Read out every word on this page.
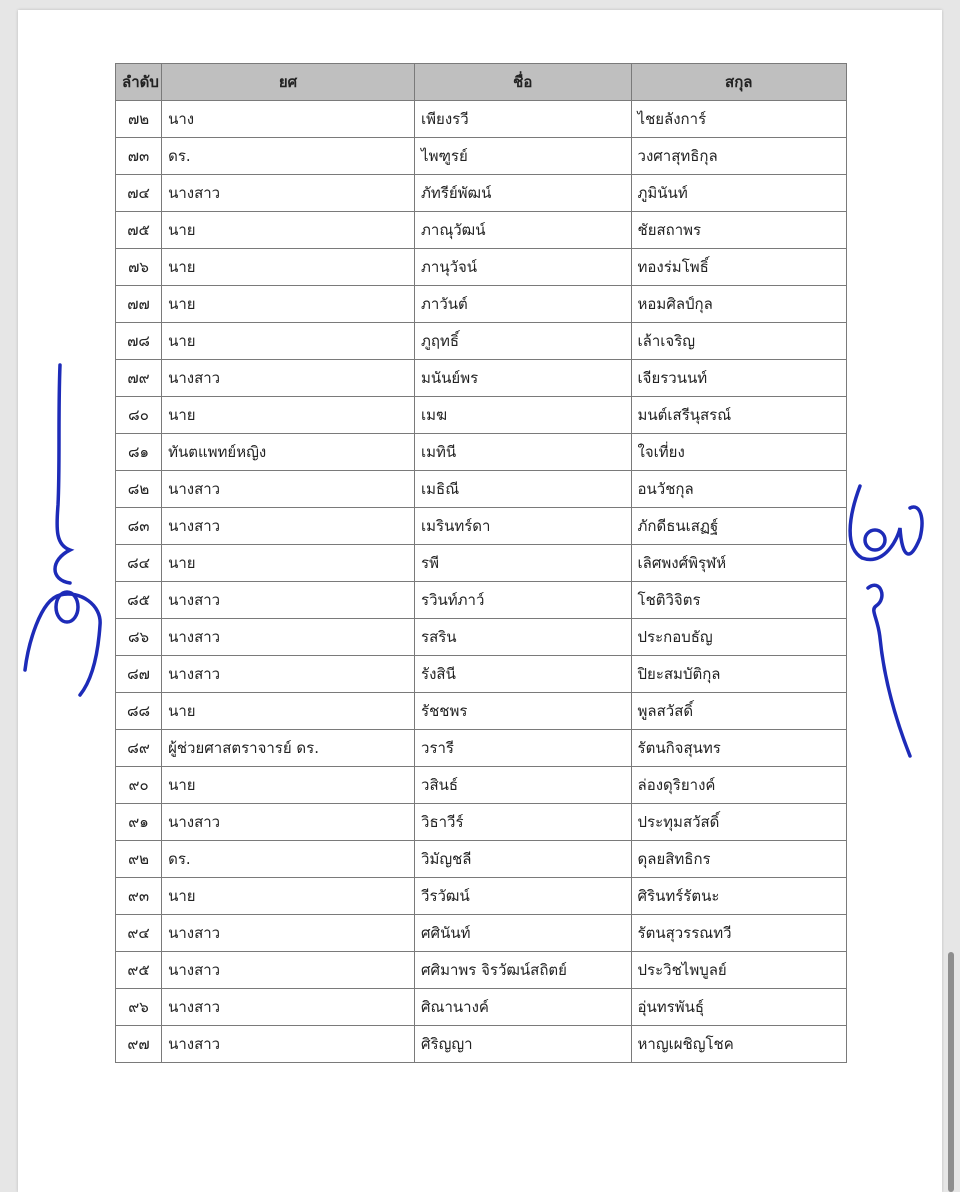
ลำดับ	ยศ	ชื่อ	สกุล
๗๒	นาง	เพียงรวี	ไชยลังการ์
๗๓	ดร.	ไพฑูรย์	วงศาสุทธิกุล
๗๔	นางสาว	ภัทรีย์พัฒน์	ภูมินันท์
๗๕	นาย	ภาณุวัฒน์	ชัยสถาพร
๗๖	นาย	ภานุวัจน์	ทองร่มโพธิ์
๗๗	นาย	ภาวันต์	หอมศิลป์กุล
๗๘	นาย	ภูฤทธิ์	เล้าเจริญ
๗๙	นางสาว	มนันย์พร	เจียรวนนท์
๘๐	นาย	เมฆ	มนต์เสรีนุสรณ์
๘๑	ทันตแพทย์หญิง	เมทินี	ใจเที่ยง
๘๒	นางสาว	เมธิณี	อนวัชกุล
๘๓	นางสาว	เมรินทร์ดา	ภักดีธนเสฏฐ์
๘๔	นาย	รพี	เลิศพงศ์พิรุฬห์
๘๕	นางสาว	รวินท์ภาว์	โชติวิจิตร
๘๖	นางสาว	รสริน	ประกอบธัญ
๘๗	นางสาว	รังสินี	ปิยะสมบัติกุล
๘๘	นาย	รัชชพร	พูลสวัสดิ์
๘๙	ผู้ช่วยศาสตราจารย์ ดร.	วรารี	รัตนกิจสุนทร
๙๐	นาย	วสินธ์	ล่องดุริยางค์
๙๑	นางสาว	วิธาวีร์	ประทุมสวัสดิ์
๙๒	ดร.	วิมัญชลี	ดุลยสิทธิกร
๙๓	นาย	วีรวัฒน์	ศิรินทร์รัตนะ
๙๔	นางสาว	ศศินันท์	รัตนสุวรรณทวี
๙๕	นางสาว	ศศิมาพร จิรวัฒน์สถิตย์	ประวิชไพบูลย์
๙๖	นางสาว	ศิณานางค์	อุ่นทรพันธุ์
๙๗	นางสาว	ศิริญญา	หาญเผชิญโชค
